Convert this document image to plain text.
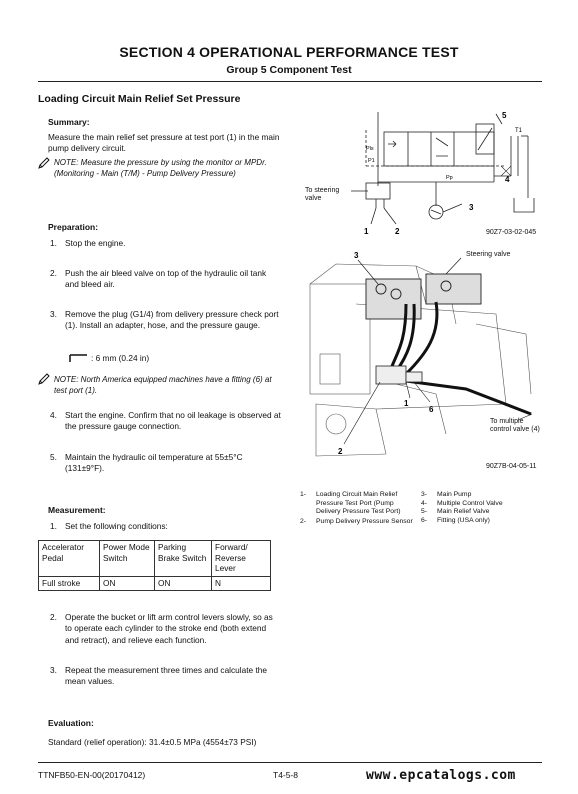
SECTION 4 OPERATIONAL PERFORMANCE TEST
Group 5 Component Test
Loading Circuit Main Relief Set Pressure
Summary:
Measure the main relief set pressure at test port (1) in the main pump delivery circuit.
NOTE: Measure the pressure by using the monitor or MPDr. (Monitoring - Main (T/M) - Pump Delivery Pressure)
Preparation:
1. Stop the engine.
2. Push the air bleed valve on top of the hydraulic oil tank and bleed air.
3. Remove the plug (G1/4) from delivery pressure check port (1). Install an adapter, hose, and the pressure gauge.
: 6 mm (0.24 in)
NOTE: North America equipped machines have a fitting (6) at test port (1).
4. Start the engine. Confirm that no oil leakage is observed at the pressure gauge connection.
5. Maintain the hydraulic oil temperature at 55±5°C (131±9°F).
Measurement:
1. Set the following conditions:
Accelerator Pedal	Power Mode Switch	Parking Brake Switch	Forward/ Reverse Lever
Full stroke	ON	ON	N
2. Operate the bucket or lift arm control levers slowly, so as to operate each cylinder to the stroke end (both extend and retract), and relieve each function.
3. Repeat the measurement three times and calculate the mean values.
Evaluation:
Standard (relief operation): 31.4±0.5 MPa (4554±73 PSI)
5
T1
Pls
P1
Pp
3
4
1	2
To steering valve
90Z7-03-02-045
3
1
6
2
Steering valve
To multiple control valve (4)
90Z7B-04-05-11
1-	Loading Circuit Main Relief Pressure Test Port (Pump Delivery Pressure Test Port)
2-	Pump Delivery Pressure Sensor
3-	Main Pump
4-	Multiple Control Valve
5-	Main Relief Valve
6-	Fitting (USA only)
TTNFB50-EN-00(20170412)	T4-5-8	www.epcatalogs.com
